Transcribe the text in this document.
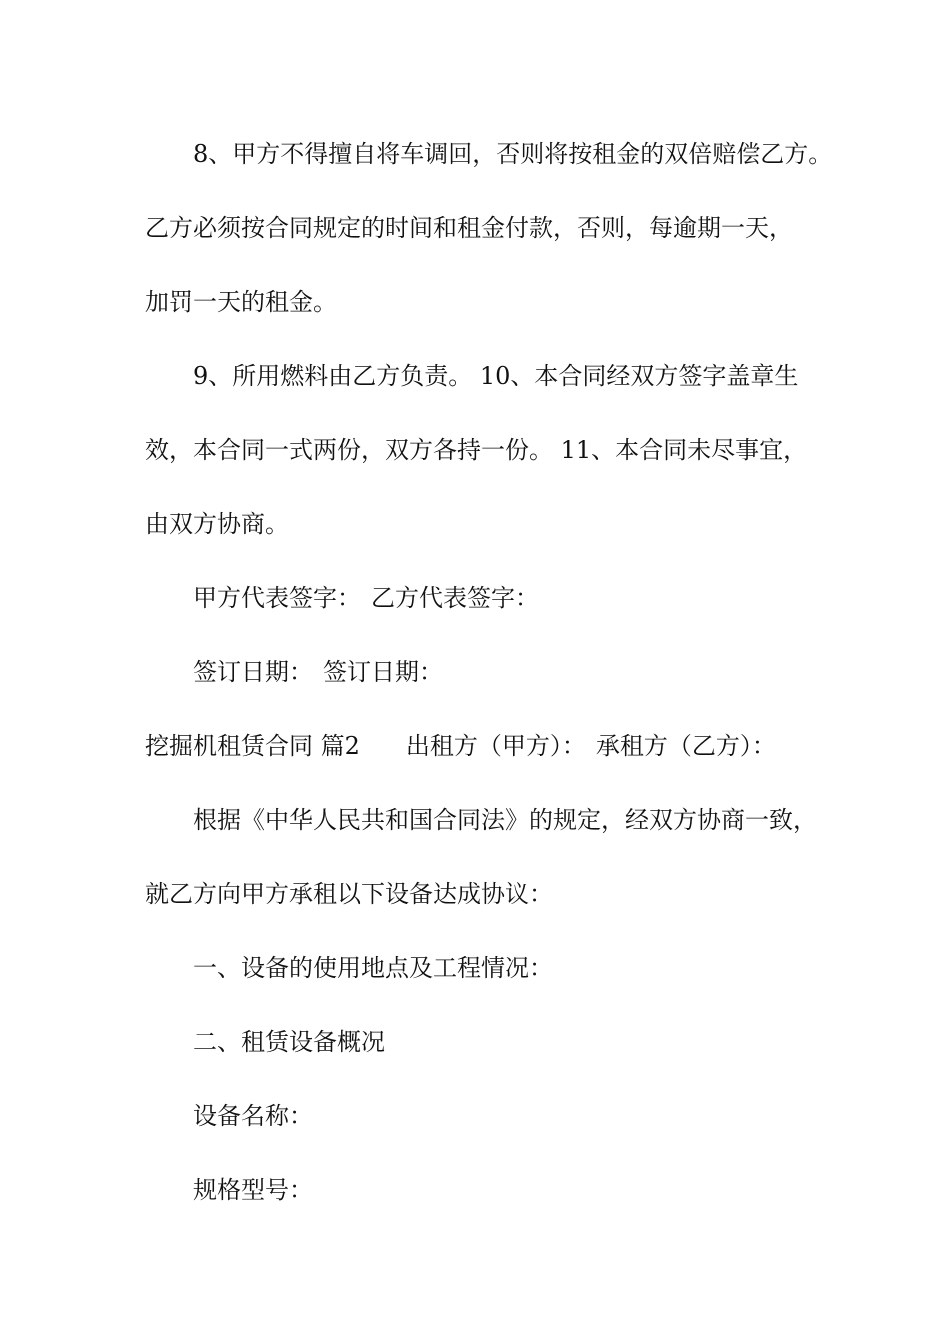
8、甲方不得擅自将车调回，否则将按租金的双倍赔偿乙方。
乙方必须按合同规定的时间和租金付款，否则，每逾期一天，
加罚一天的租金。
9、所用燃料由乙方负责。 10、本合同经双方签字盖章生
效，本合同一式两份，双方各持一份。 11、本合同未尽事宜，
由双方协商。
甲方代表签字： 乙方代表签字：
签订日期： 签订日期：
挖掘机租赁合同 篇2 出租方（甲方）： 承租方（乙方）：
根据《中华人民共和国合同法》的规定，经双方协商一致，
就乙方向甲方承租以下设备达成协议：
一、设备的使用地点及工程情况：
二、租赁设备概况
设备名称：
规格型号：
